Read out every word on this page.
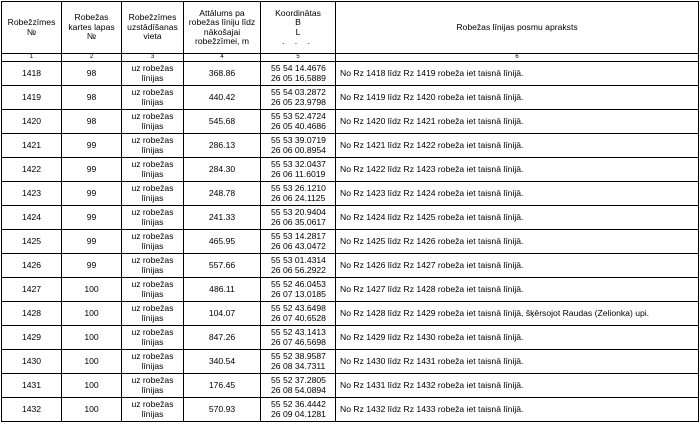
Robežzīmes №	Robežas kartes lapas №	Robežzīmes uzstādīšanas vieta	Attālums pa robežas līniju līdz nākošajai robežzīmei, m	Koordinātas
B
L
. . .	Robežas līnijas posmu apraksts
1	2	3	4	5	6
1418	98	uz robežas līnijas	368.86	55 54 14.4676
26 05 16.5889	No Rz 1418 līdz Rz 1419 robeža iet taisnā līnijā.
1419	98	uz robežas līnijas	440.42	55 54 03.2872
26 05 23.9798	No Rz 1419 līdz Rz 1420 robeža iet taisnā līnijā.
1420	98	uz robežas līnijas	545.68	55 53 52.4724
26 05 40.4686	No Rz 1420 līdz Rz 1421 robeža iet taisnā līnijā.
1421	99	uz robežas līnijas	286.13	55 53 39.0719
26 06 00.8954	No Rz 1421 līdz Rz 1422 robeža iet taisnā līnijā.
1422	99	uz robežas līnijas	284.30	55 53 32.0437
26 06 11.6019	No Rz 1422 līdz Rz 1423 robeža iet taisnā līnijā.
1423	99	uz robežas līnijas	248.78	55 53 26.1210
26 06 24.1125	No Rz 1423 līdz Rz 1424 robeža iet taisnā līnijā.
1424	99	uz robežas līnijas	241.33	55 53 20.9404
26 06 35.0617	No Rz 1424 līdz Rz 1425 robeža iet taisnā līnijā.
1425	99	uz robežas līnijas	465.95	55 53 14.2817
26 06 43.0472	No Rz 1425 līdz Rz 1426 robeža iet taisnā līnijā.
1426	99	uz robežas līnijas	557.66	55 53 01.4314
26 06 56.2922	No Rz 1426 līdz Rz 1427 robeža iet taisnā līnijā.
1427	100	uz robežas līnijas	486.11	55 52 46.0453
26 07 13.0185	No Rz 1427 līdz Rz 1428 robeža iet taisnā līnijā.
1428	100	uz robežas līnijas	104.07	55 52 43.6498
26 07 40.6528	No Rz 1428 līdz Rz 1429 robeža iet taisnā līnijā, šķērsojot Raudas (Zelionka) upi.
1429	100	uz robežas līnijas	847.26	55 52 43.1413
26 07 46.5698	No Rz 1429 līdz Rz 1430 robeža iet taisnā līnijā.
1430	100	uz robežas līnijas	340.54	55 52 38.9587
26 08 34.7311	No Rz 1430 līdz Rz 1431 robeža iet taisnā līnijā.
1431	100	uz robežas līnijas	176.45	55 52 37.2805
26 08 54.0894	No Rz 1431 līdz Rz 1432 robeža iet taisnā līnijā.
1432	100	uz robežas līnijas	570.93	55 52 36.4442
26 09 04.1281	No Rz 1432 līdz Rz 1433 robeža iet taisnā līnijā.
